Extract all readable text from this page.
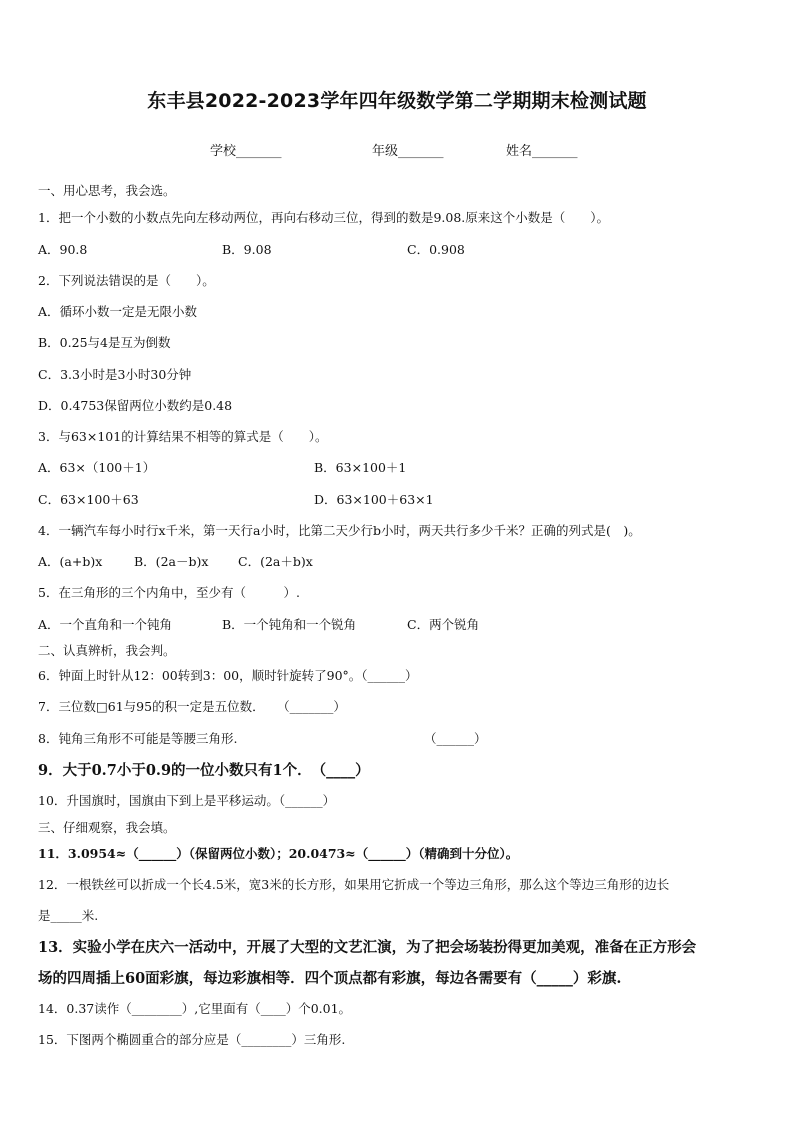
东丰县2022-2023学年四年级数学第二学期期末检测试题
学校_______	年级_______	姓名_______
一、用心思考，我会选。
1．把一个小数的小数点先向左移动两位，再向右移动三位，得到的数是9.08.原来这个小数是（　　）。
A．90.8	B．9.08	C．0.908
2．下列说法错误的是（　　）。
A．循环小数一定是无限小数
B．0.25与4是互为倒数
C．3.3小时是3小时30分钟
D．0.4753保留两位小数约是0.48
3．与63×101的计算结果不相等的算式是（　　）。
A．63×（100＋1）	B．63×100＋1
C．63×100＋63	D．63×100＋63×1
4．一辆汽车每小时行x千米，第一天行a小时，比第二天少行b小时，两天共行多少千米？正确的列式是(　)。
A．(a+b)x	B．(2a－b)x C．(2a＋b)x
5．在三角形的三个内角中，至少有（　　　）.
A．一个直角和一个钝角	B．一个钝角和一个锐角	C．两个锐角
二、认真辨析，我会判。
6．钟面上时针从12：00转到3：00，顺时针旋转了90°。（______）
7．三位数□61与95的积一定是五位数．　　（_______）
8．钝角三角形不可能是等腰三角形.	（______）
9．大于0.7小于0.9的一位小数只有1个．　（____）
10．升国旗时，国旗由下到上是平移运动。（______）
三、仔细观察，我会填。
11．3.0954≈（______）（保留两位小数）；20.0473≈（______）（精确到十分位）。
12．一根铁丝可以折成一个长4.5米，宽3米的长方形，如果用它折成一个等边三角形，那么这个等边三角形的边长
是_____米.
13．实验小学在庆六一活动中，开展了大型的文艺汇演，为了把会场装扮得更加美观，准备在正方形会
场的四周插上60面彩旗，每边彩旗相等．四个顶点都有彩旗，每边各需要有（_____）彩旗.
14．0.37读作（________）,它里面有（____）个0.01。
15．下图两个椭圆重合的部分应是（________）三角形.
